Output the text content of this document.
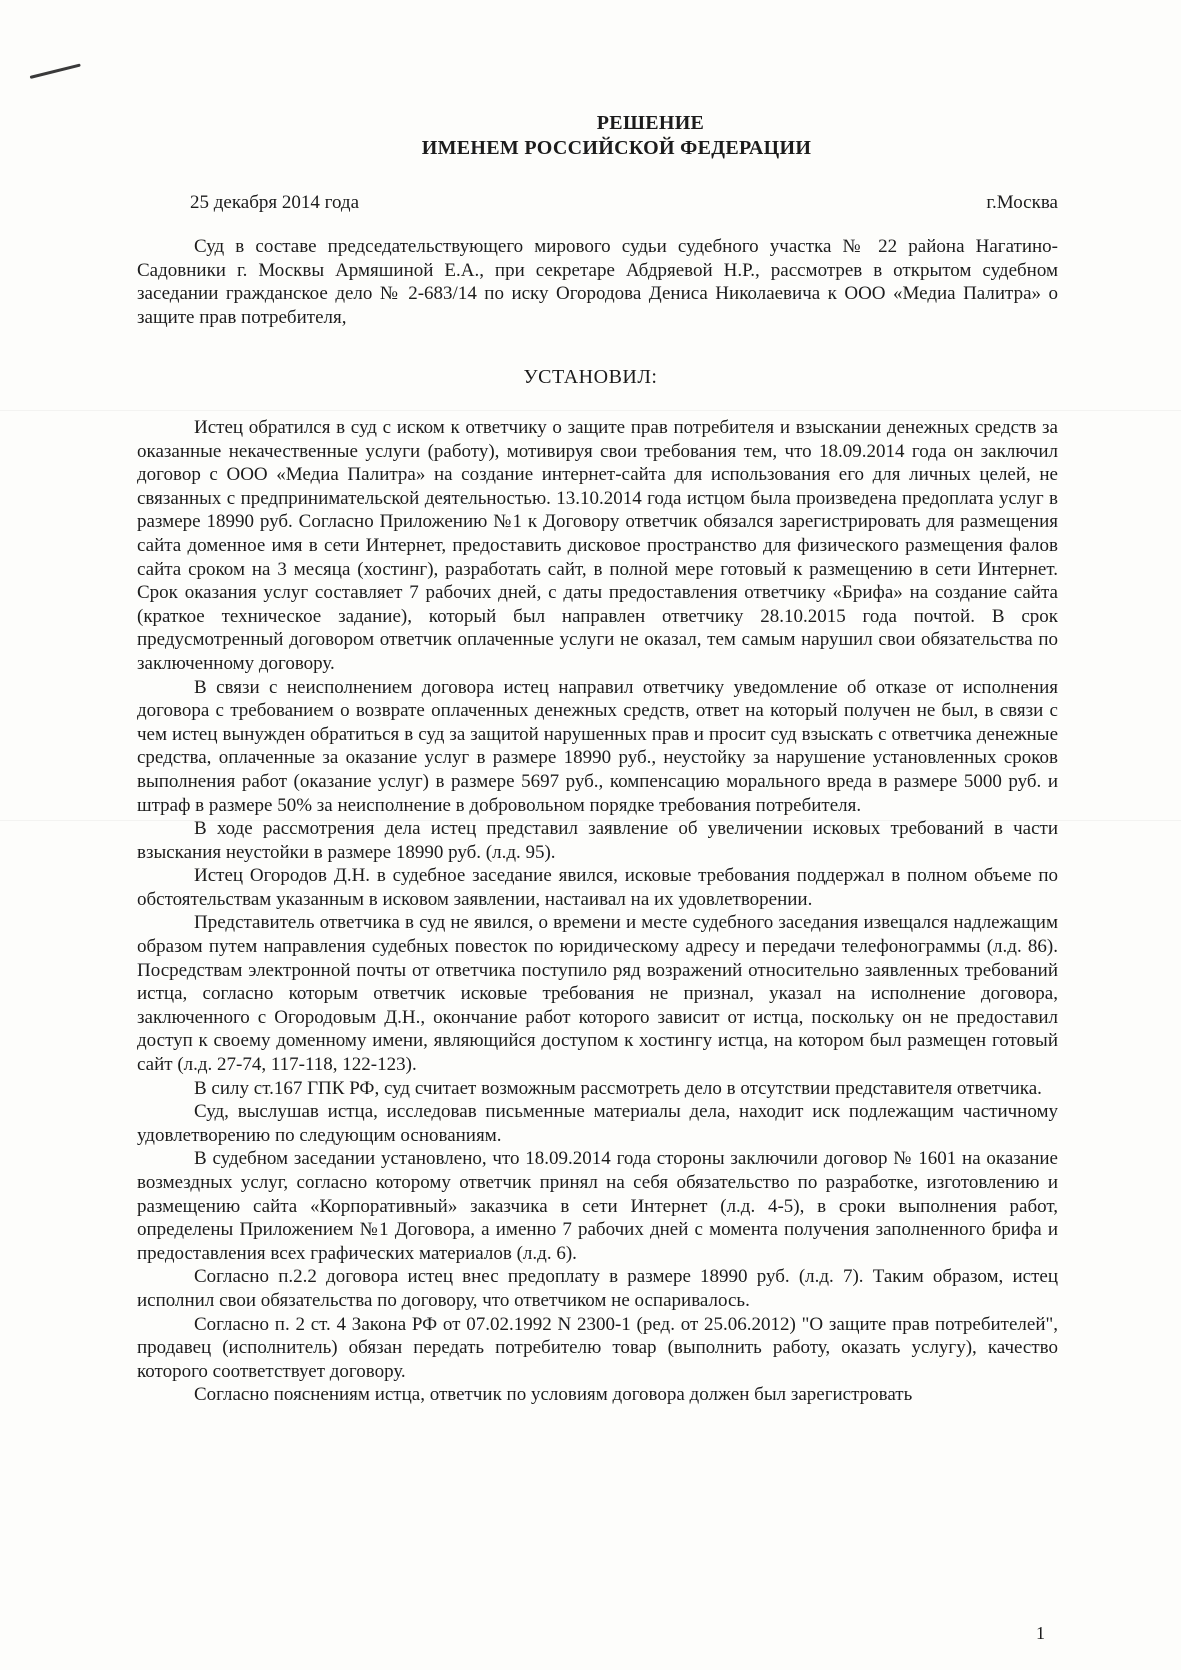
РЕШЕНИЕ
ИМЕНЕМ РОССИЙСКОЙ ФЕДЕРАЦИИ
25 декабря 2014 года	г.Москва

Суд в составе председательствующего мирового судьи судебного участка № 22 района Нагатино-Садовники г. Москвы Армяшиной Е.А., при секретаре Абдряевой Н.Р., рассмотрев в открытом судебном заседании гражданское дело № 2-683/14 по иску Огородова Дениса Николаевича к ООО «Медиа Палитра» о защите прав потребителя,

УСТАНОВИЛ:

Истец обратился в суд с иском к ответчику о защите прав потребителя и взыскании денежных средств за оказанные некачественные услуги (работу), мотивируя свои требования тем, что 18.09.2014 года он заключил договор с ООО «Медиа Палитра» на создание интернет-сайта для использования его для личных целей, не связанных с предпринимательской деятельностью. 13.10.2014 года истцом была произведена предоплата услуг в размере 18990 руб. Согласно Приложению №1 к Договору ответчик обязался зарегистрировать для размещения сайта доменное имя в сети Интернет, предоставить дисковое пространство для физического размещения фалов сайта сроком на 3 месяца (хостинг), разработать сайт, в полной мере готовый к размещению в сети Интернет. Срок оказания услуг составляет 7 рабочих дней, с даты предоставления ответчику «Брифа» на создание сайта (краткое техническое задание), который был направлен ответчику 28.10.2015 года почтой. В срок предусмотренный договором ответчик оплаченные услуги не оказал, тем самым нарушил свои обязательства по заключенному договору.

В связи с неисполнением договора истец направил ответчику уведомление об отказе от исполнения договора с требованием о возврате оплаченных денежных средств, ответ на который получен не был, в связи с чем истец вынужден обратиться в суд за защитой нарушенных прав и просит суд взыскать с ответчика денежные средства, оплаченные за оказание услуг в размере 18990 руб., неустойку за нарушение установленных сроков выполнения работ (оказание услуг) в размере 5697 руб., компенсацию морального вреда в размере 5000 руб. и штраф в размере 50% за неисполнение в добровольном порядке требования потребителя.

В ходе рассмотрения дела истец представил заявление об увеличении исковых требований в части взыскания неустойки в размере 18990 руб. (л.д. 95).

Истец Огородов Д.Н. в судебное заседание явился, исковые требования поддержал в полном объеме по обстоятельствам указанным в исковом заявлении, настаивал на их удовлетворении.

Представитель ответчика в суд не явился, о времени и месте судебного заседания извещался надлежащим образом путем направления судебных повесток по юридическому адресу и передачи телефонограммы (л.д. 86). Посредствам электронной почты от ответчика поступило ряд возражений относительно заявленных требований истца, согласно которым ответчик исковые требования не признал, указал на исполнение договора, заключенного с Огородовым Д.Н., окончание работ которого зависит от истца, поскольку он не предоставил доступ к своему доменному имени, являющийся доступом к хостингу истца, на котором был размещен готовый сайт (л.д. 27-74, 117-118, 122-123).

В силу ст.167 ГПК РФ, суд считает возможным рассмотреть дело в отсутствии представителя ответчика.

Суд, выслушав истца, исследовав письменные материалы дела, находит иск подлежащим частичному удовлетворению по следующим основаниям.

В судебном заседании установлено, что 18.09.2014 года стороны заключили договор № 1601 на оказание возмездных услуг, согласно которому ответчик принял на себя обязательство по разработке, изготовлению и размещению сайта «Корпоративный» заказчика в сети Интернет (л.д. 4-5), в сроки выполнения работ, определены Приложением №1 Договора, а именно 7 рабочих дней с момента получения заполненного брифа и предоставления всех графических материалов (л.д. 6).

Согласно п.2.2 договора истец внес предоплату в размере 18990 руб. (л.д. 7). Таким образом, истец исполнил свои обязательства по договору, что ответчиком не оспаривалось.

Согласно п. 2 ст. 4 Закона РФ от 07.02.1992 N 2300-1 (ред. от 25.06.2012) "О защите прав потребителей", продавец (исполнитель) обязан передать потребителю товар (выполнить работу, оказать услугу), качество которого соответствует договору.

Согласно пояснениям истца, ответчик по условиям договора должен был зарегистровать

1
